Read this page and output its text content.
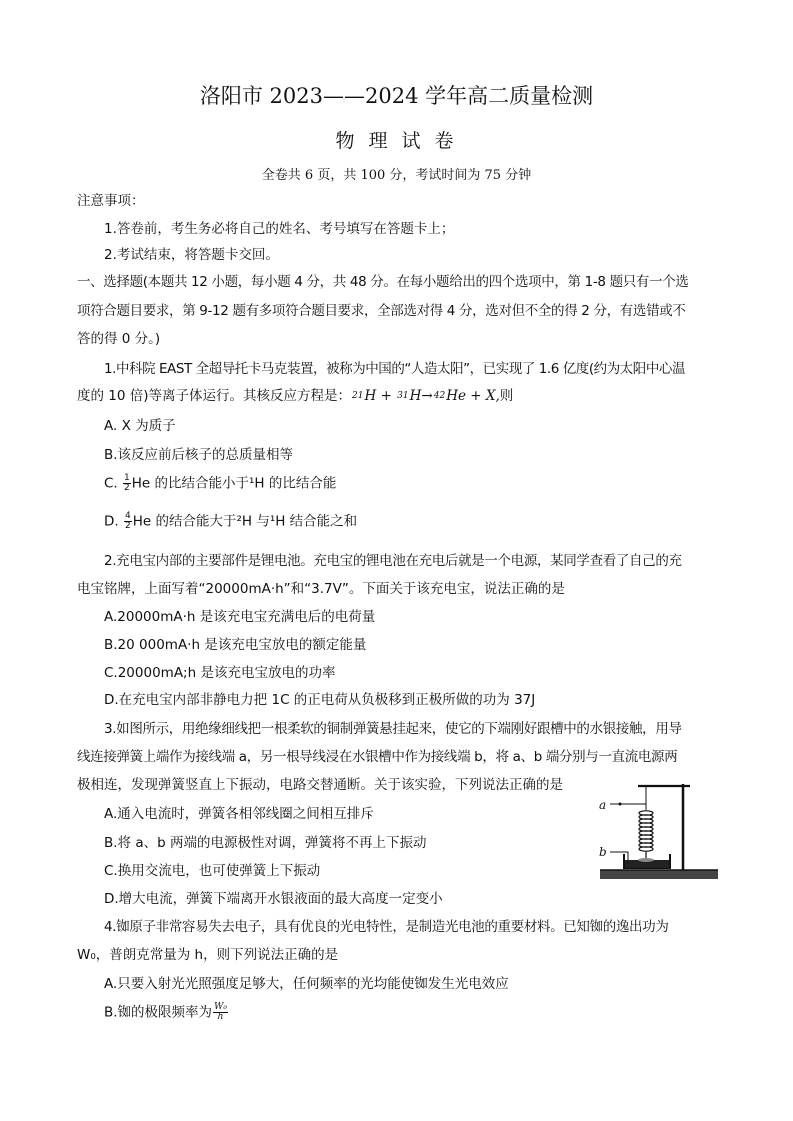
洛阳市 2023——2024 学年高二质量检测
物 理 试 卷
全卷共 6 页，共 100 分，考试时间为 75 分钟
注意事项：
1.答卷前，考生务必将自己的姓名、考号填写在答题卡上；
2.考试结束，将答题卡交回。
一、选择题(本题共 12 小题，每小题 4 分，共 48 分。在每小题给出的四个选项中，第 1-8 题只有一个选
项符合题目要求，第 9-12 题有多项符合题目要求，全部选对得 4 分，选对但不全的得 2 分，有选错或不
答的得 0 分。)
1.中科院 EAST 全超导托卡马克装置，被称为中国的“人造太阳”，已实现了 1.6 亿度(约为太阳中心温
度的 10 倍)等离子体运行。其核反应方程是：21H + 31H→42He + X,则
A. X 为质子
B.该反应前后核子的总质量相等
C. $\frac{1}{2}$ He 的比结合能小于¹H 的比结合能
D. $\frac{4}{2}$ He 的结合能大于²H 与¹H 结合能之和
2.充电宝内部的主要部件是锂电池。充电宝的锂电池在充电后就是一个电源，某同学查看了自己的充
电宝铭牌，上面写着“20000mA·h”和“3.7V”。下面关于该充电宝，说法正确的是
A.20000mA·h 是该充电宝充满电后的电荷量
B.20 000mA·h 是该充电宝放电的额定能量
C.20000mA;h 是该充电宝放电的功率
D.在充电宝内部非静电力把 1C 的正电荷从负极移到正极所做的功为 37J
3.如图所示，用绝缘细线把一根柔软的铜制弹簧悬挂起来，使它的下端刚好跟槽中的水银接触，用导
线连接弹簧上端作为接线端 a，另一根导线浸在水银槽中作为接线端 b，将 a、b 端分别与一直流电源两
极相连，发现弹簧竖直上下振动，电路交替通断。关于该实验，下列说法正确的是
A.通入电流时，弹簧各相邻线圈之间相互排斥
B.将 a、b 两端的电源极性对调，弹簧将不再上下振动
C.换用交流电，也可使弹簧上下振动
D.增大电流，弹簧下端离开水银液面的最大高度一定变小
a
b
4.铷原子非常容易失去电子，具有优良的光电特性，是制造光电池的重要材料。已知铷的逸出功为
W₀，普朗克常量为 h，则下列说法正确的是
A.只要入射光光照强度足够大，任何频率的光均能使铷发生光电效应
B.铷的极限频率为 $\frac{\text{W₀}}{h}$
